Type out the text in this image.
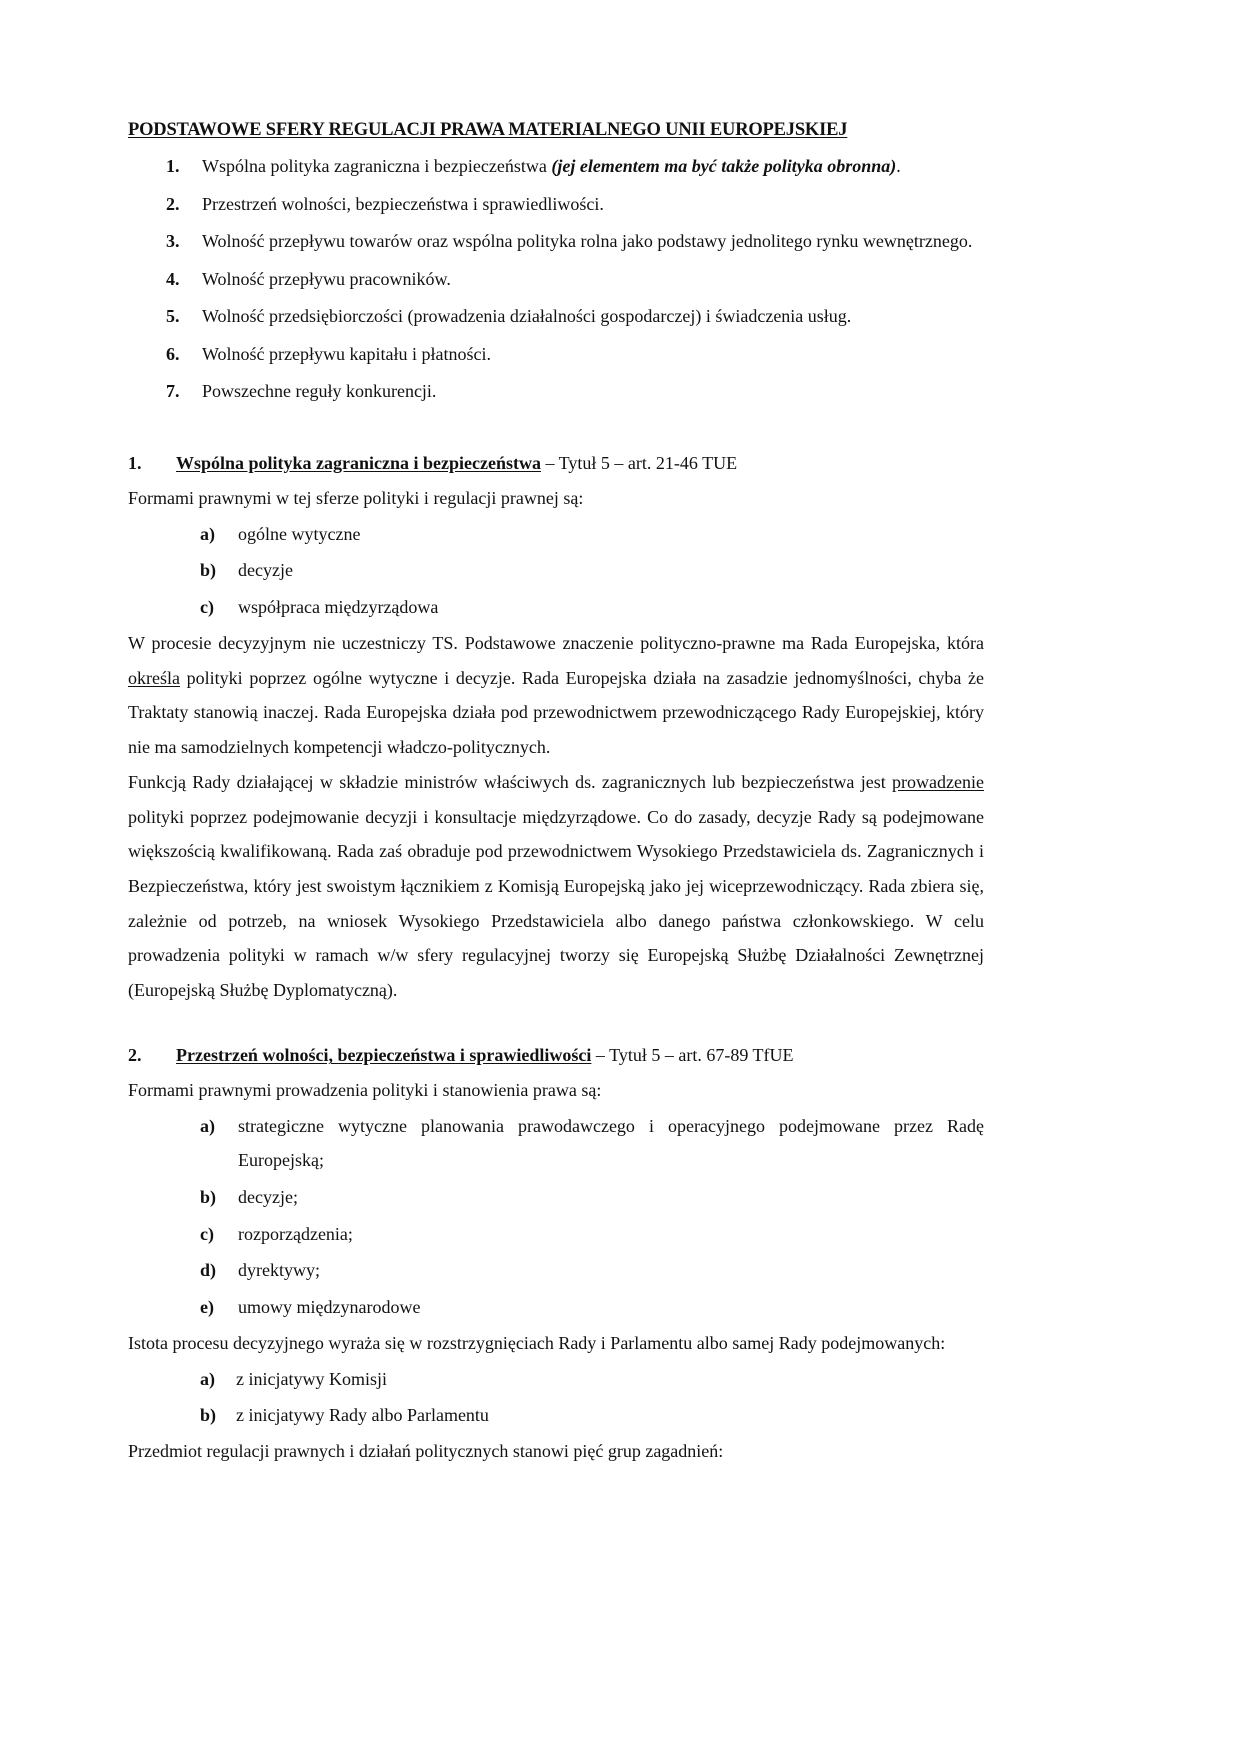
PODSTAWOWE SFERY REGULACJI PRAWA MATERIALNEGO UNII EUROPEJSKIEJ
1. Wspólna polityka zagraniczna i bezpieczeństwa (jej elementem ma być także polityka obronna).
2. Przestrzeń wolności, bezpieczeństwa i sprawiedliwości.
3. Wolność przepływu towarów oraz wspólna polityka rolna jako podstawy jednolitego rynku wewnętrznego.
4. Wolność przepływu pracowników.
5. Wolność przedsiębiorczości (prowadzenia działalności gospodarczej) i świadczenia usług.
6. Wolność przepływu kapitału i płatności.
7. Powszechne reguły konkurencji.
1. Wspólna polityka zagraniczna i bezpieczeństwa – Tytuł 5 – art. 21-46 TUE

Formami prawnymi w tej sferze polityki i regulacji prawnej są:

a) ogólne wytyczne
b) decyzje
c) współpraca międzyrządowa

W procesie decyzyjnym nie uczestniczy TS. Podstawowe znaczenie polityczno-prawne ma Rada Europejska, która określa polityki poprzez ogólne wytyczne i decyzje. Rada Europejska działa na zasadzie jednomyślności, chyba że Traktaty stanowią inaczej. Rada Europejska działa pod przewodnictwem przewodniczącego Rady Europejskiej, który nie ma samodzielnych kompetencji władczo-politycznych.

Funkcją Rady działającej w składzie ministrów właściwych ds. zagranicznych lub bezpieczeństwa jest prowadzenie polityki poprzez podejmowanie decyzji i konsultacje międzyrządowe. Co do zasady, decyzje Rady są podejmowane większością kwalifikowaną. Rada zaś obraduje pod przewodnictwem Wysokiego Przedstawiciela ds. Zagranicznych i Bezpieczeństwa, który jest swoistym łącznikiem z Komisją Europejską jako jej wiceprzewodniczący. Rada zbiera się, zależnie od potrzeb, na wniosek Wysokiego Przedstawiciela albo danego państwa członkowskiego. W celu prowadzenia polityki w ramach w/w sfery regulacyjnej tworzy się Europejską Służbę Działalności Zewnętrznej (Europejską Służbę Dyplomatyczną).

2. Przestrzeń wolności, bezpieczeństwa i sprawiedliwości – Tytuł 5 – art. 67-89 TfUE

Formami prawnymi prowadzenia polityki i stanowienia prawa są:

a) strategiczne wytyczne planowania prawodawczego i operacyjnego podejmowane przez Radę Europejską;
b) decyzje;
c) rozporządzenia;
d) dyrektywy;
e) umowy międzynarodowe

Istota procesu decyzyjnego wyraża się w rozstrzygnięciach Rady i Parlamentu albo samej Rady podejmowanych:

a) z inicjatywy Komisji
b) z inicjatywy Rady albo Parlamentu

Przedmiot regulacji prawnych i działań politycznych stanowi pięć grup zagadnień:
